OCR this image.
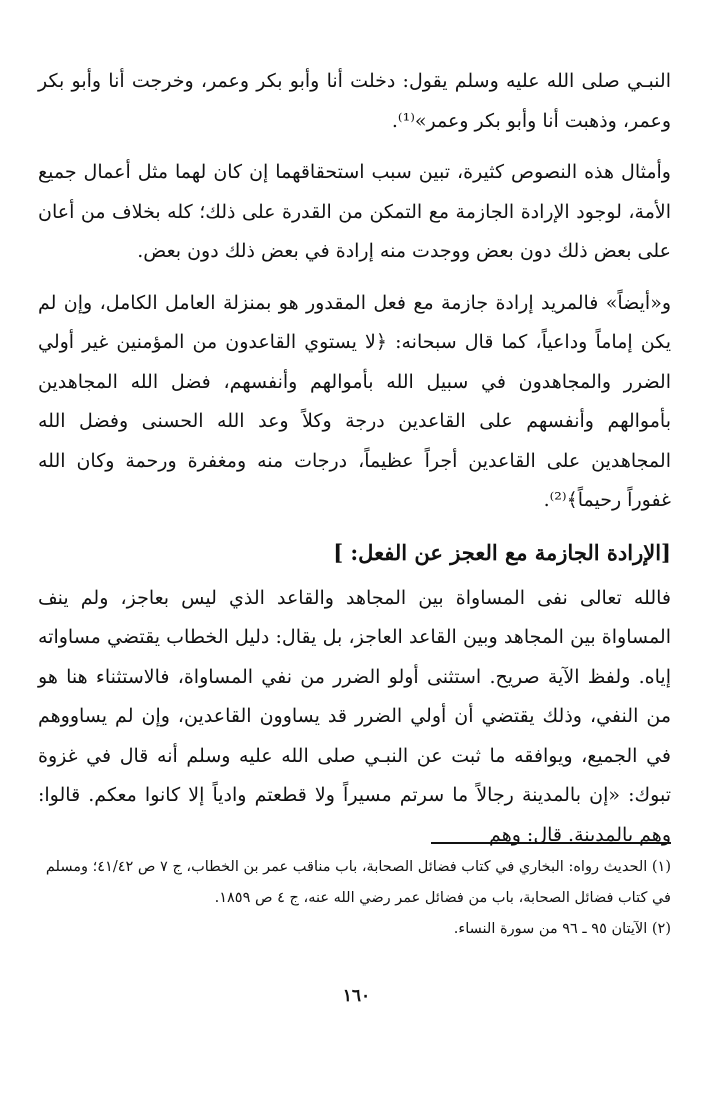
النبـي صلى الله عليه وسلم يقول: دخلت أنا وأبو بكر وعمر، وخرجت أنا وأبو بكر وعمر، وذهبت أنا وأبو بكر وعمر»⁽¹⁾.

وأمثال هذه النصوص كثيرة، تبين سبب استحقاقهما إن كان لهما مثل أعمال جميع الأمة، لوجود الإرادة الجازمة مع التمكن من القدرة على ذلك؛ كله بخلاف من أعان على بعض ذلك دون بعض ووجدت منه إرادة في بعض ذلك دون بعض.

و«أيضاً» فالمريد إرادة جازمة مع فعل المقدور هو بمنزلة العامل الكامل، وإن لم يكن إماماً وداعياً، كما قال سبحانه: ﴿لا يستوي القاعدون من المؤمنين غير أولي الضرر والمجاهدون في سبيل الله بأموالهم وأنفسهم، فضل الله المجاهدين بأموالهم وأنفسهم على القاعدين درجة وكلاً وعد الله الحسنى وفضل الله المجاهدين على القاعدين أجراً عظيماً، درجات منه ومغفرة ورحمة وكان الله غفوراً رحيماً﴾⁽²⁾.

[الإرادة الجازمة مع العجز عن الفعل: ]

فالله تعالى نفى المساواة بين المجاهد والقاعد الذي ليس بعاجز، ولم ينف المساواة بين المجاهد وبين القاعد العاجز، بل يقال: دليل الخطاب يقتضي مساواته إياه. ولفظ الآية صريح. استثنى أولو الضرر من نفي المساواة، فالاستثناء هنا هو من النفي، وذلك يقتضي أن أولي الضرر قد يساوون القاعدين، وإن لم يساووهم في الجميع، ويوافقه ما ثبت عن النبـي صلى الله عليه وسلم أنه قال في غزوة تبوك: «إن بالمدينة رجالاً ما سرتم مسيراً ولا قطعتم وادياً إلا كانوا معكم. قالوا: وهم بالمدينة. قال: وهم

(١) الحديث رواه: البخاري في كتاب فضائل الصحابة، باب مناقب عمر بن الخطاب، ج ٧ ص ٤١/٤٢؛ ومسلم في كتاب فضائل الصحابة، باب من فضائل عمر رضي الله عنه، ج ٤ ص ١٨٥٩.

(٢) الآيتان ٩٥ ـ ٩٦ من سورة النساء.

١٦٠
